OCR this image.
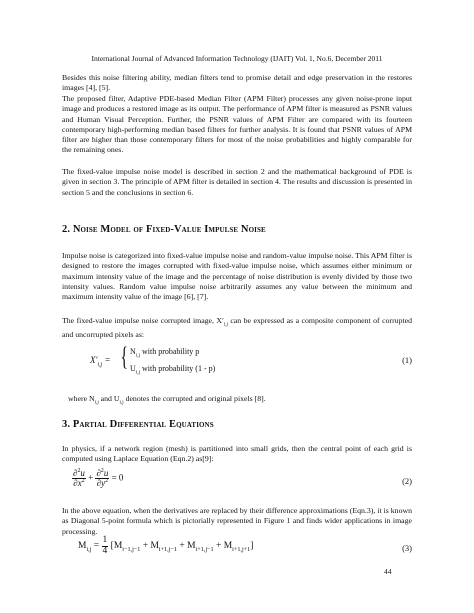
International Journal of Advanced Information Technology (IJAIT) Vol. 1, No.6, December 2011

Besides this noise filtering ability, median filters tend to promise detail and edge preservation in the restores images [4], [5].

The proposed filter, Adaptive PDE-based Median Filter (APM Filter) processes any given noise-prone input image and produces a restored image as its output. The performance of APM filter is measured as PSNR values and Human Visual Perception. Further, the PSNR values of APM Filter are compared with its fourteen contemporary high-performing median based filters for further analysis. It is found that PSNR values of APM filter are higher than those contemporary filters for most of the noise probabilities and highly comparable for the remaining ones.

The fixed-value impulse noise model is described in section 2 and the mathematical background of PDE is given in section 3. The principle of APM filter is detailed in section 4. The results and discussion is presented in section 5 and the conclusions in section 6.

2. Noise Model of Fixed-Value Impulse Noise

Impulse noise is categorized into fixed-value impulse noise and random-value impulse noise. This APM filter is designed to restore the images corrupted with fixed-value impulse noise, which assumes either minimum or maximum intensity value of the image and the percentage of noise distribution is evenly divided by those two intensity values. Random value impulse noise arbitrarily assumes any value between the minimum and maximum intensity value of the image [6], [7].

The fixed-value impulse noise corrupted image, $X'_{i,j}$ can be expressed as a composite component of corrupted and uncorrupted pixels as:

$X'_{i,j}$ = { $N_{i,j}$ with probability p
$U_{i,j}$ with probability (1 - p)
(1)

where $N_{i,j}$ and $U_{i,j}$ denotes the corrupted and original pixels [8].

3. Partial Differential Equations

In physics, if a network region (mesh) is partitioned into small grids, then the central point of each grid is computed using Laplace Equation (Eqn.2) as[9]:

$\frac{\partial^2u}{\partial x^2} + \frac{\partial^2u}{\partial y^2} = 0$	(2)

In the above equation, when the derivatives are replaced by their difference approximations (Eqn.3), it is known as Diagonal 5-point formula which is pictorially represented in Figure 1 and finds wider applications in image processing.

$M_{i,j} = \frac{1}{4} [M_{i-1,j-1} + M_{i+1,j-1} + M_{i+1,j-1} + M_{i+1,j+1}]$	(3)
44
